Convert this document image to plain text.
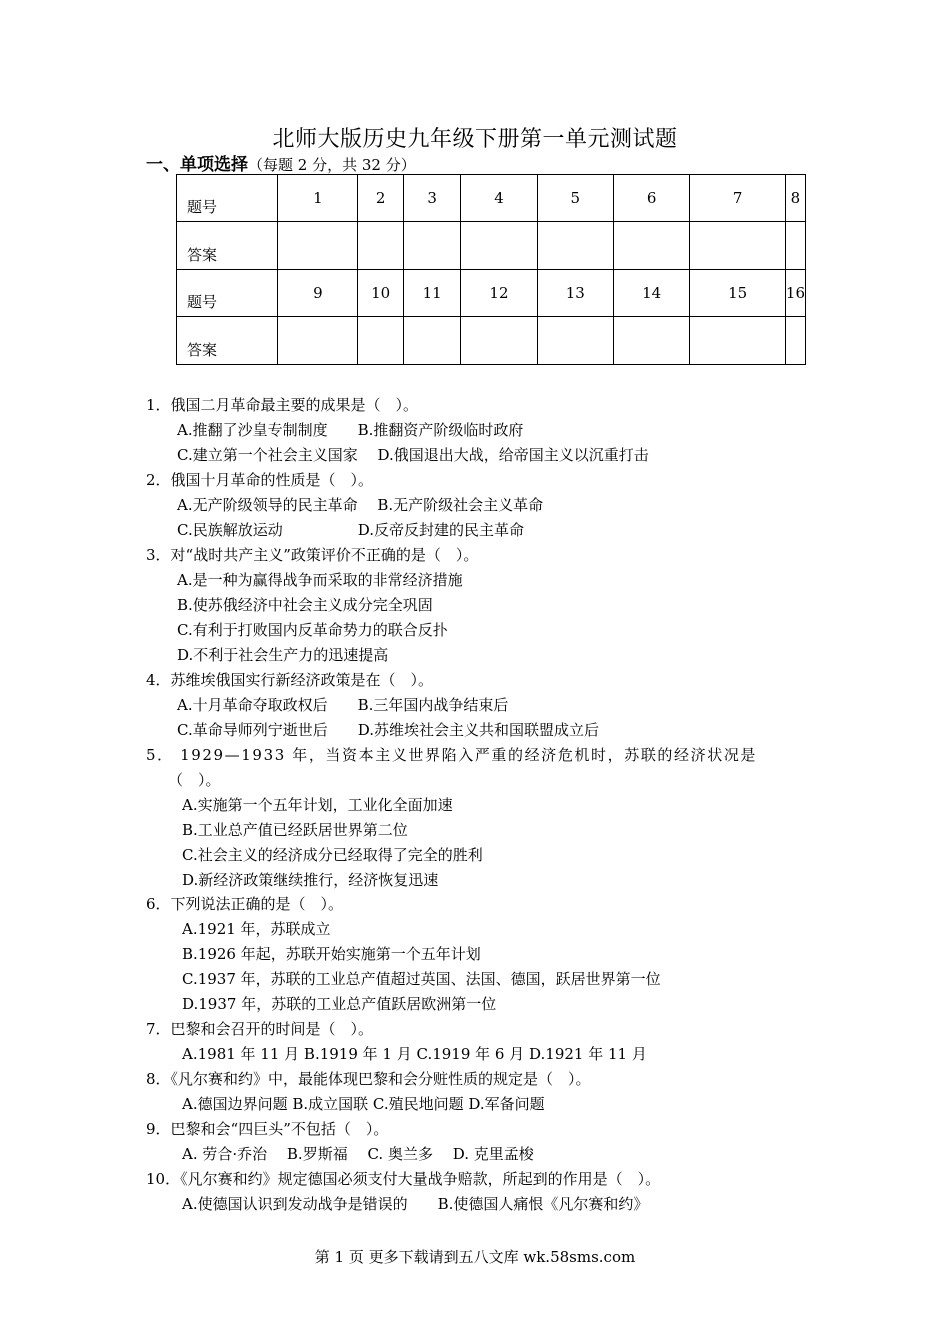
北师大版历史九年级下册第一单元测试题
一、单项选择（每题 2 分，共 32 分）
题号	1	2	3	4	5	6	7	8
答案								
题号	9	10	11	12	13	14	15	16
答案								
1．俄国二月革命最主要的成果是（　）。
A.推翻了沙皇专制制度　　B.推翻资产阶级临时政府
C.建立第一个社会主义国家　 D.俄国退出大战，给帝国主义以沉重打击
2．俄国十月革命的性质是（　）。
A.无产阶级领导的民主革命　 B.无产阶级社会主义革命
C.民族解放运动　　　　　D.反帝反封建的民主革命
3．对“战时共产主义”政策评价不正确的是（　）。
A.是一种为赢得战争而采取的非常经济措施
B.使苏俄经济中社会主义成分完全巩固
C.有利于打败国内反革命势力的联合反扑
D.不利于社会生产力的迅速提高
4．苏维埃俄国实行新经济政策是在（　）。
A.十月革命夺取政权后　　B.三年国内战争结束后
C.革命导师列宁逝世后　　D.苏维埃社会主义共和国联盟成立后
5． 1929—1933 年，当资本主义世界陷入严重的经济危机时，苏联的经济状况是
（　）。
A.实施第一个五年计划，工业化全面加速
B.工业总产值已经跃居世界第二位
C.社会主义的经济成分已经取得了完全的胜利
D.新经济政策继续推行，经济恢复迅速
6．下列说法正确的是（　）。
A.1921 年，苏联成立
B.1926 年起，苏联开始实施第一个五年计划
C.1937 年，苏联的工业总产值超过英国、法国、德国，跃居世界第一位
D.1937 年，苏联的工业总产值跃居欧洲第一位
7．巴黎和会召开的时间是（　）。
A.1981 年 11 月 B.1919 年 1 月 C.1919 年 6 月 D.1921 年 11 月
8．《凡尔赛和约》中，最能体现巴黎和会分赃性质的规定是（　）。
A.德国边界问题 B.成立国联 C.殖民地问题 D.军备问题
9．巴黎和会“四巨头”不包括（　）。
A. 劳合·乔治　 B.罗斯福　 C. 奥兰多　 D. 克里孟梭
10．《凡尔赛和约》规定德国必须支付大量战争赔款，所起到的作用是（　）。
A.使德国认识到发动战争是错误的　　B.使德国人痛恨《凡尔赛和约》
第 1 页 更多下载请到五八文库 wk.58sms.com
